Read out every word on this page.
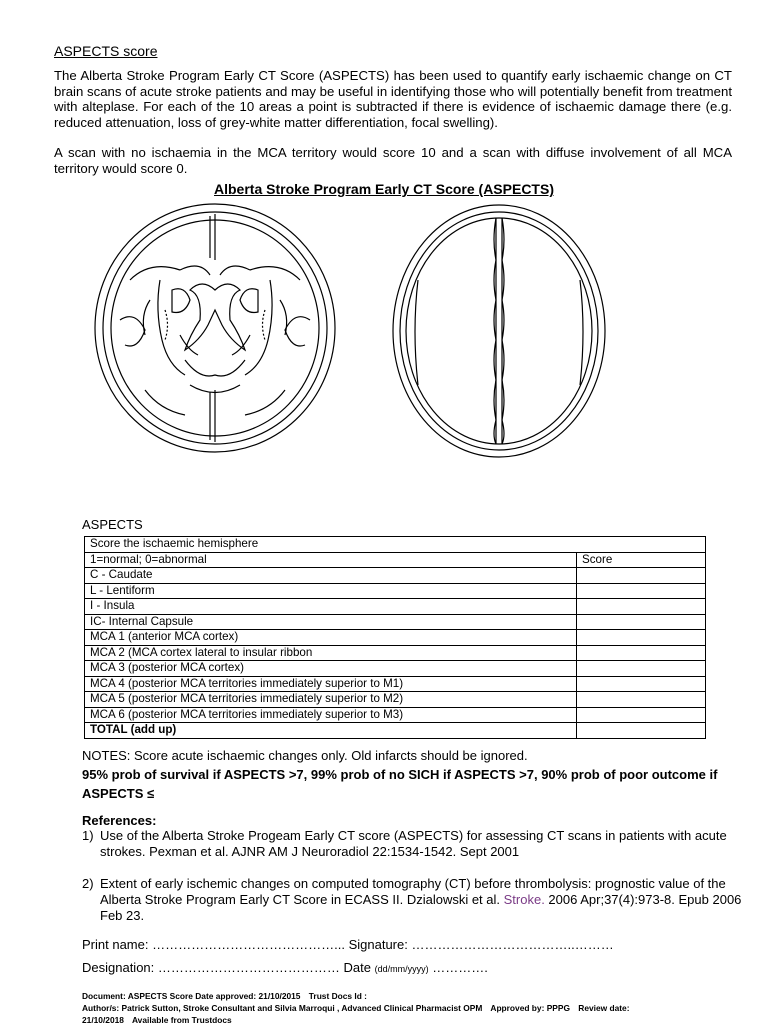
ASPECTS score
The Alberta Stroke Program Early CT Score (ASPECTS) has been used to quantify early ischaemic change on CT brain scans of acute stroke patients and may be useful in identifying those who will potentially benefit from treatment with alteplase. For each of the 10 areas a point is subtracted if there is evidence of ischaemic damage there (e.g. reduced attenuation, loss of grey-white matter differentiation, focal swelling).
A scan with no ischaemia in the MCA territory would score 10 and a scan with diffuse involvement of all MCA territory would score 0.
Alberta Stroke Program Early CT Score (ASPECTS)
ASPECTS
Score the ischaemic hemisphere	
1=normal; 0=abnormal	Score
C - Caudate	
L - Lentiform	
I - Insula	
IC- Internal Capsule	
MCA 1 (anterior MCA cortex)	
MCA 2 (MCA cortex lateral to insular ribbon	
MCA 3 (posterior MCA cortex)	
MCA 4 (posterior MCA territories immediately superior to M1)	
MCA 5 (posterior MCA territories immediately superior to M2)	
MCA 6 (posterior MCA territories immediately superior to M3)	
TOTAL (add up)	
NOTES: Score acute ischaemic changes only. Old infarcts should be ignored.
95% prob of survival if ASPECTS >7, 99% prob of no SICH if ASPECTS >7, 90% prob of poor outcome if ASPECTS ≤
References:
1) Use of the Alberta Stroke Progeam Early CT score (ASPECTS) for assessing CT scans in patients with acute strokes. Pexman et al. AJNR AM J Neuroradiol 22:1534-1542. Sept 2001
2) Extent of early ischemic changes on computed tomography (CT) before thrombolysis: prognostic value of the Alberta Stroke Program Early CT Score in ECASS II. Dzialowski et al. Stroke. 2006 Apr;37(4):973-8. Epub 2006 Feb 23.
Print name: ……………………………………... Signature: ………………………………..………
Designation: …………………………………… Date (dd/mm/yyyy) ………….
Document: ASPECTS Score Date approved: 21/10/2015 Trust Docs Id :
Author/s: Patrick Sutton, Stroke Consultant and Silvia Marroqui , Advanced Clinical Pharmacist OPM Approved by: PPPG Review date:
21/10/2018 Available from Trustdocs
